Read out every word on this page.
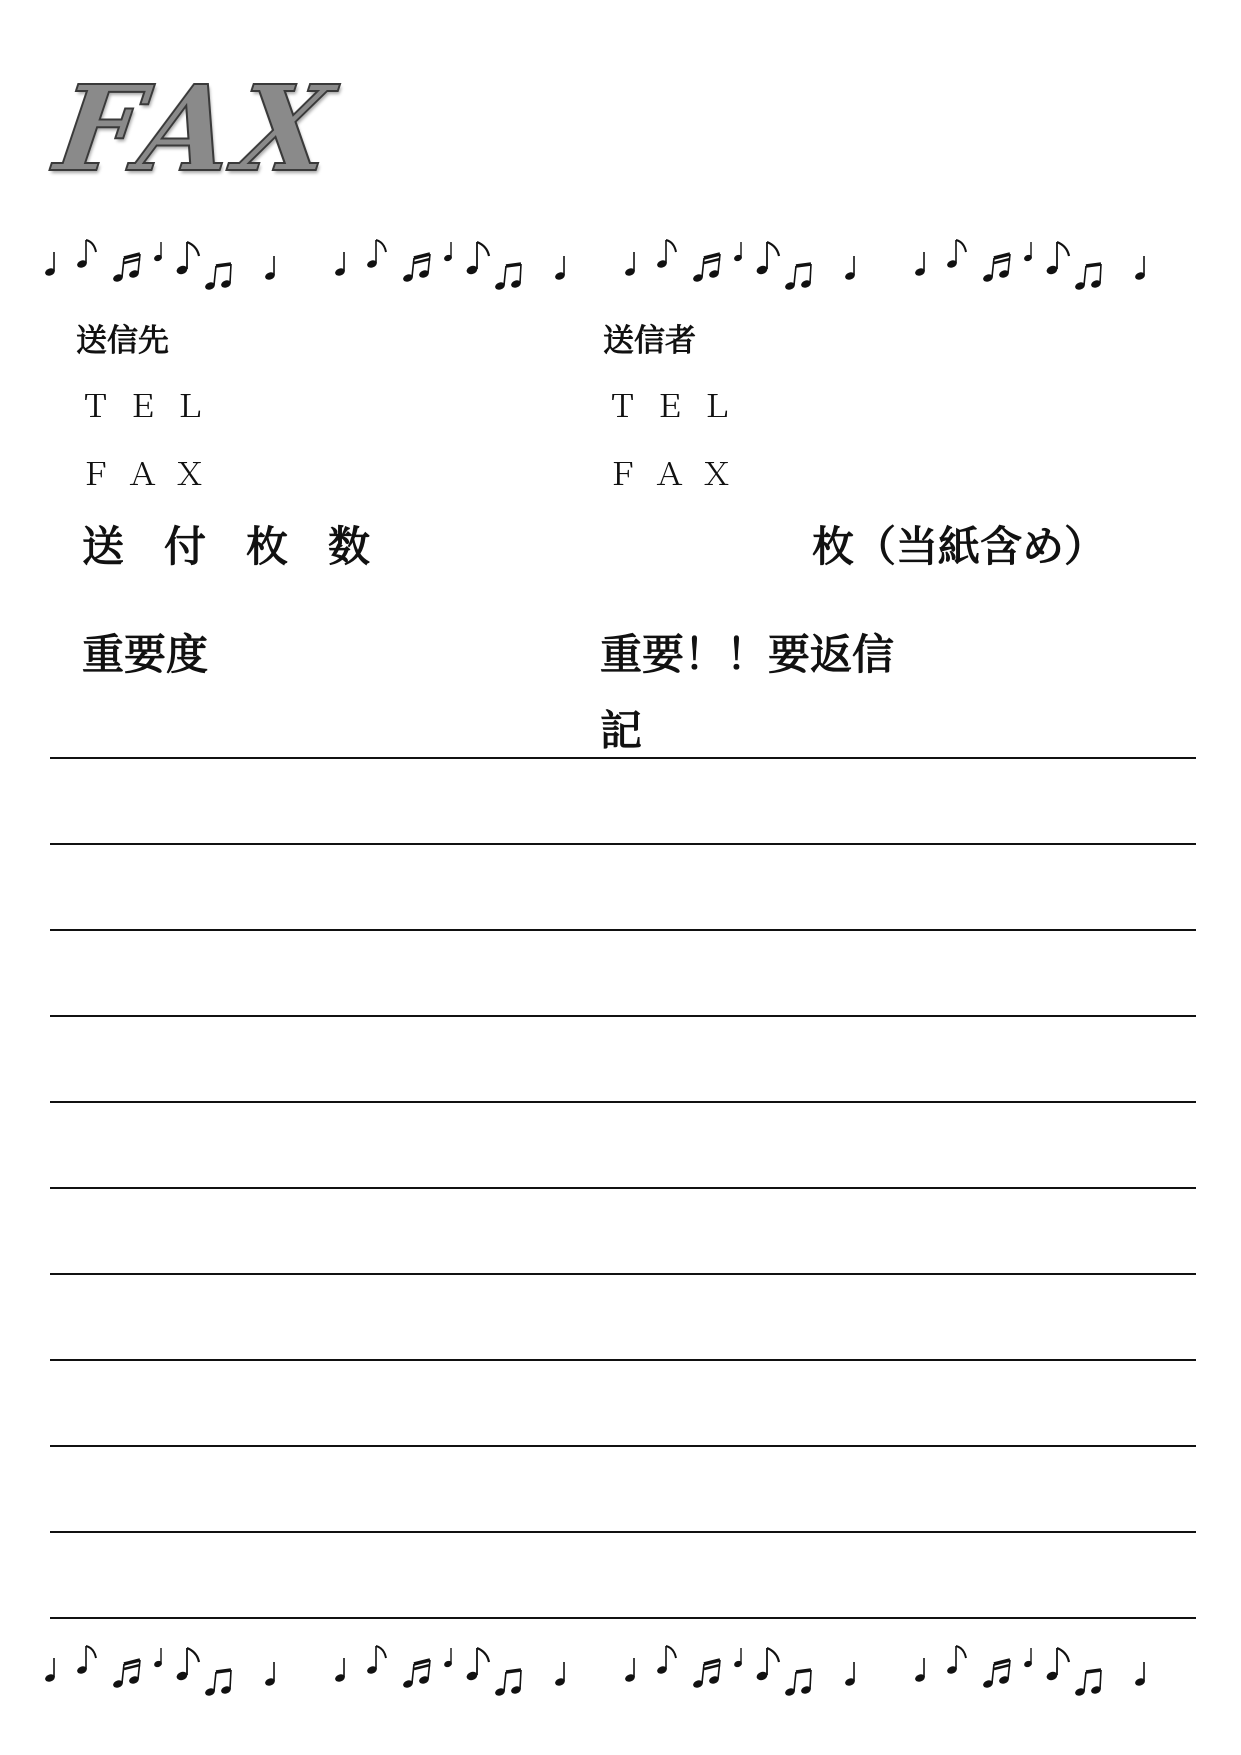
FAX
送信先
ＴＥＬ
ＦＡＸ
送信者
ＴＥＬ
ＦＡＸ
送付枚数	枚（当紙含め）
重要度	重要！！要返信
記
